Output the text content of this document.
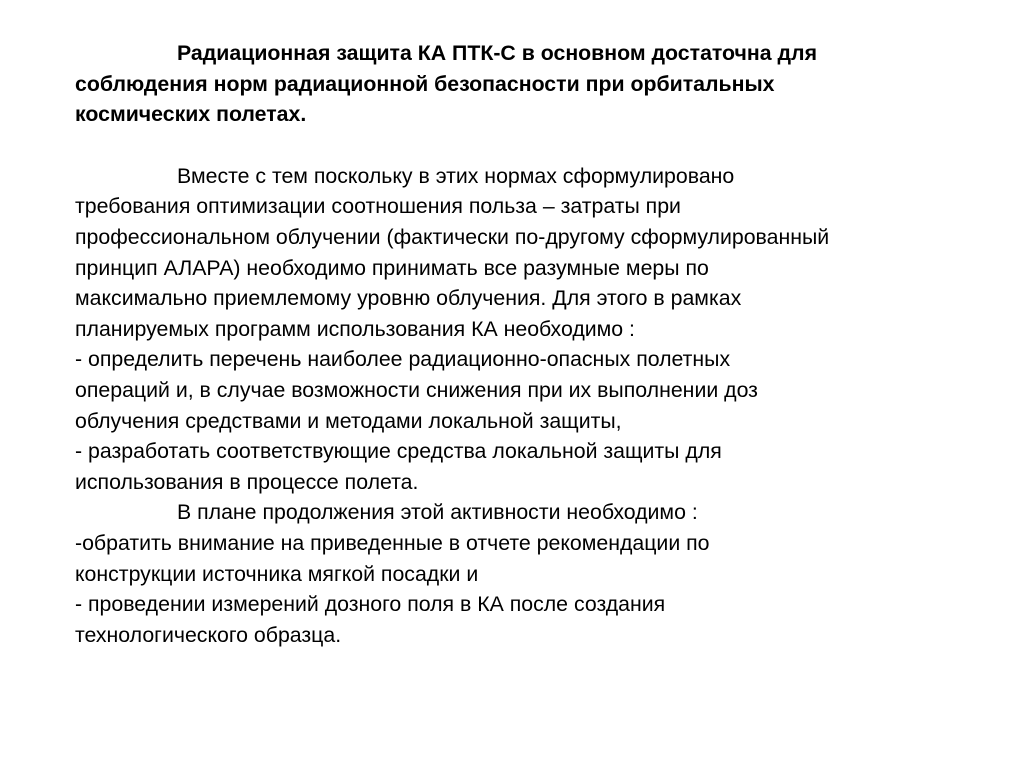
Радиационная защита КА ПТК-С в основном достаточна для
соблюдения норм радиационной безопасности при орбитальных
космических полетах.
Вместе с тем поскольку в этих нормах сформулировано
требования оптимизации соотношения польза – затраты при
профессиональном облучении (фактически по-другому сформулированный
принцип АЛАРА) необходимо принимать все разумные меры по
максимально приемлемому уровню облучения. Для этого в рамках
планируемых программ использования КА необходимо :
- определить перечень наиболее радиационно-опасных полетных
операций и, в случае возможности снижения при их выполнении доз
облучения средствами и методами локальной защиты,
- разработать соответствующие средства локальной защиты для
использования в процессе полета.
В плане продолжения этой активности необходимо :
-обратить внимание на приведенные в отчете рекомендации по
конструкции источника мягкой посадки и
- проведении измерений дозного поля в КА после создания
технологического образца.
